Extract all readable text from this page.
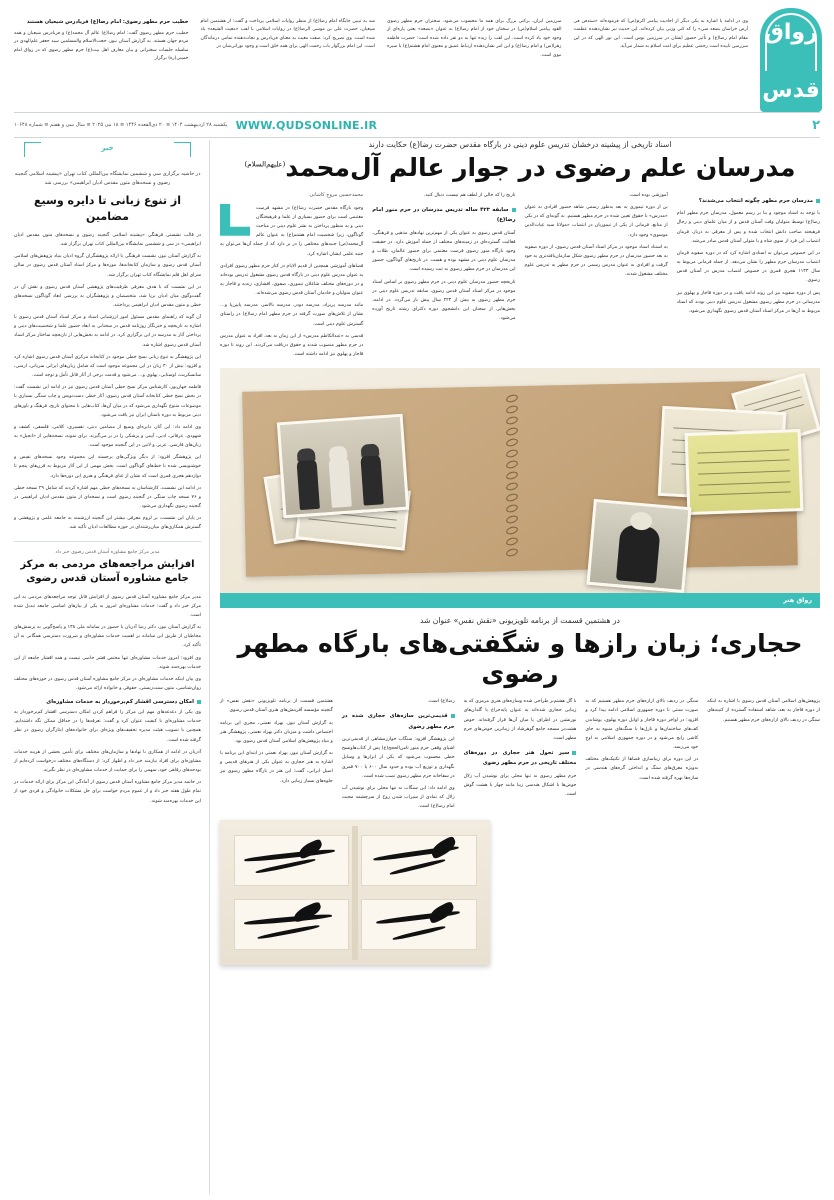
رواق
قدس
وی در ادامه با اشاره به یکی دیگر از احادیث پیامبر اکرم(ص) که فرموده‌اند «ستدفن فی أرض خراسان بضعه منی» را که کنی وزنی بیان کرده‌اند، این حدیث نیز نشان‌دهنده عظمت مقام امام رضا(ع) و تأثیر حضور ایشان در سرزمین توس است. این نور الهی که در این سرزمین تابیده است رحمتی عظیم برای امت اسلام به شمار می‌آید.
سرزمین ایران، برکتی بزرگ برای همه ما محسوب می‌شود. سخنران حرم مطهر رضوی القود پیامبر اسلام(ص) در سخنان خود از امام رضا(ع) به عنوان «بضعه» یعنی پاره‌ای از وجود خود یاد کرده است. این لقب را زبده تنها به دو نفر داده شده است: حضرت فاطمه زهرا(س) و امام رضا(ع) و این امر نشان‌دهنده ارتباط عمیق و معنوی امام هشتم(ع) با سیره نبوی است.
شد به تبیین جایگاه امام رضا(ع) از منظر روایات اسلامی پرداخت و گفت: از هشتمین امام شیعیان، حضرت علی بن موسی الرضا(ع) در روایات اسلامی با لقب «مغیث الشیعه» یاد شده است. وی تصریح کرد: صفت مغیث به معنای فریادرس و نجات‌دهنده تمامی درماندگان است. این امام بزرگوار باب رحمت الهی برای همه خلق است و وجود نورانی‌شان در
خطیب حرم مطهر رضوی: امام رضا(ع) فریادرس شیعیان هستند
خطیب حرم مطهر رضوی گفت: امام رضا(ع) عالم آل محمد(ع) و فریادرس شیعیان و همه مردم جهان هستند. به گزارش آستان نیوز، حجت‌الاسلام والمسلمین سید جعفر علم‌الهدی در سلسله جلسات سخنرانی و بیان معارف اهل بیت(ع) حرم مطهر رضوی که در رواق امام خمینی(ره) برگزار
۲
یکشنبه ۲۸ اردیبهشت ۱۴۰۴ ≡ ۲۰ ذی‌القعده ۱۴۴۶ ≡ ۱۸ می ۲۰۲۵ ≡ سال سی و هفتم ≡ شماره ۱۰۶۴۸ WWW.QUDSONLINE.IR
خبر
در حاشیه برگزاری سی و ششمین نمایشگاه بین‌المللی کتاب تهران «پیشینه اسلامی گنجینه رضوی و نسخه‌های متون مقدس ادیان ابراهیمی» بررسی شد
از تنوع زبانی تا دایره وسیع مضامین

در قالب نشستی فرهنگی «پیشینه اسلامی گنجینه رضوی و نسخه‌های متون مقدس ادیان ابراهیمی» در سی و ششمین نمایشگاه بین‌المللی کتاب تهران برگزار شد.

به گزارش آستان نیوز، نشست فرهنگی با ارائه پژوهشگران گروه ادیان بنیاد پژوهش‌های اسلامی آستان قدس رضوی و سازمان کتابخانه‌ها، موزه‌ها و مرکز اسناد آستان قدس رضوی در سالن سرای اهل قلم نمایشگاه کتاب تهران برگزار شد.

در این نشست که با هدف معرفی ظرفیت‌های پژوهشی آستان قدس رضوی و نقش آن در گفت‌وگوی میان ادیان برپا شد، متخصصان و پژوهشگران به بررسی ابعاد گوناگون نسخه‌های خطی و متون مقدس ادیان ابراهیمی پرداختند.

آن گونه که راهنمای مقدس مسئول امور ارزشیابی اسناد و مرکز اسناد آستان قدس رضوی با اشاره به تاریخچه و خبرنگار روزنامه قدس در سخنانی به ابعاد حضور علما و شخصیت‌های دینی و پرداختن آثار به مدرسه در این برگزاری کرد. در ادامه به بخش‌هایی از تاریخچه ساختار مرکز اسناد آستان قدس رضوی اشاره شد.

این پژوهشگر به تنوع زبانی نسخ خطی موجود در کتابخانه مرکزی آستان قدس رضوی اشاره کرد و افزود: بیش از ۳۰ زبان در این مجموعه موجود است که شامل زبان‌های ایرانی سریانی، ارمنی، سانسکریت، اوستایی، پهلوی و… می‌شود و قدمت برخی از آثار قابل تأمل و توجه است.

فاطمه جهان‌پور، کارشناس مرکز نسخ خطی آستان قدس رضوی نیز در ادامه این نشست گفت: در بخش نسخ خطی کتابخانه آستان قدس رضوی، آثار خطی دست‌نویس و چاپ سنگی بسیاری با موضوعات متنوع نگهداری می‌شود که در میان آن‌ها، کتاب‌هایی با محتوای تاریخ، فرهنگ و باورهای دینی مربوط به دوره باستان ایران نیز یافت می‌شود.

وی ادامه داد: این آثار، دایره‌ای وسیع از مضامین دینی، تفسیری، کلامی، فلسفی، کشف و شهودی، عرفانی، ادبی، آیینی و پزشکی را در بر می‌گیرند. برای نمونه، نسخه‌هایی از «انجیل» به زبان‌های فارسی، عربی و لاتین در این گنجینه موجود است.

این پژوهشگر افزود: از دیگر ویژگی‌های برجسته این مجموعه وجود نسخه‌های نفیس و خوشنویسی شده با خط‌های گوناگون است. بخش مهمی از این آثار مربوط به قرن‌های پنجم تا دوازدهم هجری قمری است که نشان از غنای فرهنگی و هنری این دوره‌ها دارد.

در ادامه این نشست، کارشناسان به نسخه‌های خطی مهم اشاره کردند که شامل ۲۹ نسخه خطی و ۷۶ نسخه چاپ سنگی در گنجینه رضوی است و نسخه‌ای از متون مقدس ادیان ابراهیمی در گنجینه رضوی نگهداری می‌شود.

در پایان این نشست، بر لزوم معرفی بیشتر این گنجینه ارزشمند به جامعه علمی و پژوهشی و گسترش همکاری‌های میان‌رشته‌ای در حوزه مطالعات ادیان تأکید شد.

مدیر مرکز جامع مشاوره آستان قدس رضوی خبر داد
افزایش مراجعه‌های مردمی به مرکز جامع مشاوره آستان قدس رضوی

مدیر مرکز جامع مشاوره آستان قدس رضوی از افزایش قابل توجه مراجعه‌های مردمی به این مرکز خبر داد و گفت: خدمات مشاوره‌ای امروز به یکی از نیازهای اساسی جامعه تبدیل شده است.

به گزارش آستان نیوز، دکتر رضا آذریان با حضور در سامانه ملی ۱۳۸ و پاسخ‌گویی به پرسش‌های مخاطبان از طریق این سامانه بر اهمیت خدمات مشاوره‌ای و ضرورت دسترسی همگانی به آن تأکید کرد.

وی افزود: امروز خدمات مشاوره‌ای تنها مختص قشر خاصی نیست و همه اقشار جامعه از این خدمات بهره‌مند شوند.

وی بیان اینکه خدمات مشاوره‌ای در مرکز جامع مشاوره آستان قدس رضوی در حوزه‌های مختلف روان‌شناسی، متون سنت‌زیستی، حقوقی و خانواده ارائه می‌شود.

امکان دسترسی اقشار کم‌برخوردار به خدمات مشاوره‌ای

وی یکی از دغدغه‌های مهم این مرکز را فراهم کردن امکان دسترسی اقشار کم‌برخوردار به خدمات مشاوره‌ای با کیفیت عنوان کرد و گفت: تعرفه‌ها را در حداقل ممکن نگه داشته‌ایم. همچنین با تصویب هیئت مدیره تخفیف‌های ویژه‌ای برای خانواده‌های ایثارگران رضوی در نظر گرفته شده است.

آذریان در ادامه از همکاری با نهادها و سازمان‌های مختلف برای تأمین بخشی از هزینه خدمات مشاوره‌ای برای افراد نیازمند خبر داد و اظهار کرد: از دستگاه‌های مختلف درخواست کرده‌ایم از بودجه‌های رفاهی خود، سهمی را برای حمایت از خدمات مشاوره‌ای در نظر بگیرند.

در خاتمه مدیر مرکز جامع مشاوره آستان قدس رضوی از آمادگی این مرکز برای ارائه خدمات در تمام طول هفته خبر داد و از عموم مردم خواست برای حل مشکلات خانوادگی و فردی خود از این خدمات بهره‌مند شوند.

اسناد تاریخی از پیشینه درخشان تدریس علوم دینی در بارگاه مقدس حضرت رضا(ع) حکایت دارند
مدرسان علم رضوی در جوار عالم آل‌محمد$^{(علیهم‌السلام)}$
مدرسان حرم مطهر چگونه انتخاب می‌شدند؟

با توجه به اسناد موجود و بنا بر رسم معمول، مدرسان حرم مطهر امام رضا(ع) توسط متولیان وقت آستان قدس و از میان علمای دینی و رجال فرهیخته صاحب دانش انتخاب شده و پس از معرفی به دربار، فرمان انتصاب این فرد از سوی شاه و یا متولی آستان قدس صادر می‌شد.

در این خصوص می‌توان به اسنادی اشاره کرد که در دوره صفویه فرمان انتصاب مدرسان حرم مطهر را نشان می‌دهد. از جمله فرمانی مربوط به سال ۱۱۳۳ هجری قمری در خصوص انتصاب مدرس در آستان قدس رضوی.

پس از دوره صفویه نیز این روند ادامه یافت و در دوره قاجار و پهلوی نیز مدرسانی در حرم مطهر رضوی مشغول تدریس علوم دینی بودند که اسناد مربوط به آن‌ها در مرکز اسناد آستان قدس رضوی نگهداری می‌شود.

آموزشی بوده است.

بن از دوره تیموری به بعد به‌طور رسمی شاهد حضور افرادی به عنوان «مدرس» با حقوق تعیین شده در حرم مطهر هستیم. به گونه‌ای که در یکی از منابع، فرمانی از یکی از تیموریان در انتصاب «مولانا سید غیاث‌الدین موسوی» وجود دارد.

به استناد اسناد موجود در مرکز اسناد آستان قدس رضوی، از دوره صفویه به بعد حضور مدرسان در حرم مطهر رضوی شکل سازمان‌یافته‌تری به خود گرفت و افرادی به عنوان مدرس رسمی در حرم مطهر به تدریس علوم مختلف مشغول شدند.

تاریخ را که خالی از لطف هم نیست، دنبال کنید.

سابقه ۴۲۳ ساله تدریس مدرسان در حرم منور امام رضا(ع)

آستان قدس رضوی به عنوان یکی از مهم‌ترین نهادهای مذهبی و فرهنگی، فعالیت گسترده‌ای در زمینه‌های مختلف از جمله آموزش دارد. در حقیقت وجود بارگاه منور رضوی فرصت مغتنمی برای حضور عالمان، طلاب و مدرسان علوم دینی در مشهد بوده و هست. در تاریخ‌های گوناگون، حضور این مدرسان در حرم مطهر رضوی به ثبت رسیده است.

تاریخچه حضور مدرسان علوم دینی در حرم مطهر رضوی بر اساس اسناد موجود در مرکز اسناد آستان قدس رضوی، سابقه تدریس علوم دینی در حرم مطهر رضوی به بیش از ۴۲۳ سال پیش باز می‌گردد. در ادامه، بخش‌هایی از سخنان این دانشجوی دوره دکترای رشته تاریخ آورده می‌شود.

محمدحسین مروج کاشانی

وجود بارگاه مقدس حضرت رضا(ع) در مشهد فرصت مغتنمی است برای حضور بسیاری از علما و فرهیختگان دینی و به منظور پرداختن به نشر علوم دینی در مباحث گوناگون، زیرا شخصیت امام هشتم(ع) به عنوان عالم آل‌محمد(ص) جنبه‌های مختلفی را در بر دارد که از جمله آن‌ها می‌توان به جنبه علمی ایشان اشاره کرد.

فضاهای آموزشی همچنین از قدیم الایام در کنار حرم مطهر رضوی افرادی به عنوان مدرس علوم دینی در بارگاه قدس رضوی مشغول تدریس بوده‌اند و در دوره‌های مختلف شاغلان تیموری، صفوی، افشاری، زندیه و قاجار به عنوان متولیان و خادمان آستان قدس رضوی می‌شده‌اند.

مانند مدرسه پریزاد، مدرسه دودر، مدرسه بالاسر، مدرسه پایین‌پا و… نشان از تلاش‌های صورت گرفته در حرم مطهر امام رضا(ع) در راستای گسترش علوم دینی است.

قدسی به «عبدالکاظم مدرس» از این زمان به بعد، افراد به عنوان مدرس در حرم مطهر منصوب شدند و حقوق دریافت می‌کردند. این روند تا دوره قاجار و پهلوی نیز ادامه داشته است.

رواق هنر
در هشتمین قسمت از برنامه تلویزیونی «نقش نفس» عنوان شد
حجاری؛ زبان رازها و شگفتی‌های بارگاه مطهر رضوی

پژوهش‌های اسلامی آستان قدس رضوی با اشاره به اینکه از دوره قاجار به بعد، شاهد استفاده گسترده از کتیبه‌های سنگی در ردیف بالای ازاره‌های حرم مطهر هستیم.

سنگی در ردیف بالای ازاره‌های حرم مطهر هستیم که به صورت سنتی تا دوره جمهوری اسلامی ادامه پیدا کرد و افزود: در اواخر دوره قاجار و اوایل دوره پهلوی، پوشاندن کف‌های ساختمان‌ها و نازل‌ها با سنگ‌های منبوه به جای کاشی رایج می‌شود و در دوره جمهوری اسلامی به اوج خود می‌رسد.

در این دوره برای زیباسازی فضاها از تکنیک‌های مختلف به‌ویژه معرق‌های سنگ و انداختن گره‌های هندسی در سازه‌ها بهره گرفته شده است.

با گل هشتم‌بر طراحی شده وسازه‌های هنری مرمزی که به زیبایی حجاری شده‌اند به عنوان پایه‌جراغ یا گلدان‌های نورنشین در اطراف یا میان آن‌ها قرار گرفته‌اند. حوض هشت‌بر مسجد جامع گوهرشاد از زیباترین حوض‌های حرم مطهر است.

سیر تحول هنر حجاری در دوره‌های مختلف تاریخی در حرم مطهر رضوی

حرم مطهر رضوی نه تنها محلی برای نوشیدن آب زلال حوض‌ها با اشکال هندسی زیبا مانند چهار یا هشت گوش است.

رضا(ع) است.

قدیمی‌ترین سازه‌های حجاری شده در حرم مطهر رضوی

این پژوهشگر افزود: سنگاب خوارزمشاهی از قدیمی‌ترین اشیای وقفی حرم منور ثامن‌الحجج(ع) پس از کتاب‌هاونسخ خطی محسوب می‌شود که یکی از ابزارها و وسایل نگهداری و توزیع آب بوده و حدود سال ۶۰۰ یا ۷۰۰ قمری در سقاخانه حرم مطهر رضوی نصب شده است.

وی ادامه داد: این سنگاب نه تنها محلی برای نوشیدن آب زلال که نمادی از سیراب شدن روح از سرچشمه محبت امام رضا(ع) است.

هشتمین قسمت از برنامه تلویزیونی «نقش نفس» از گنجینه مؤسسه آفرینش‌های هنری آستان قدس رضوی

به گزارش آستان نیوز، بهزاد نعمتی، مجری این برنامه اختصاص داشت و میزبان دکتر بهزاد نعمتی، پژوهشگر هنر و بنیاد پژوهش‌های اسلامی آستان قدس رضوی بود.

به گزارش آستان نیوز، بهزاد نعمتی در ابتدای این برنامه با اشاره به هنر حجاری به عنوان یکی از هنرهای قدیمی و اصیل ایرانی، گفت: این هنر در بارگاه مطهر رضوی نیز جلوه‌های بسیار زیبایی دارد.
